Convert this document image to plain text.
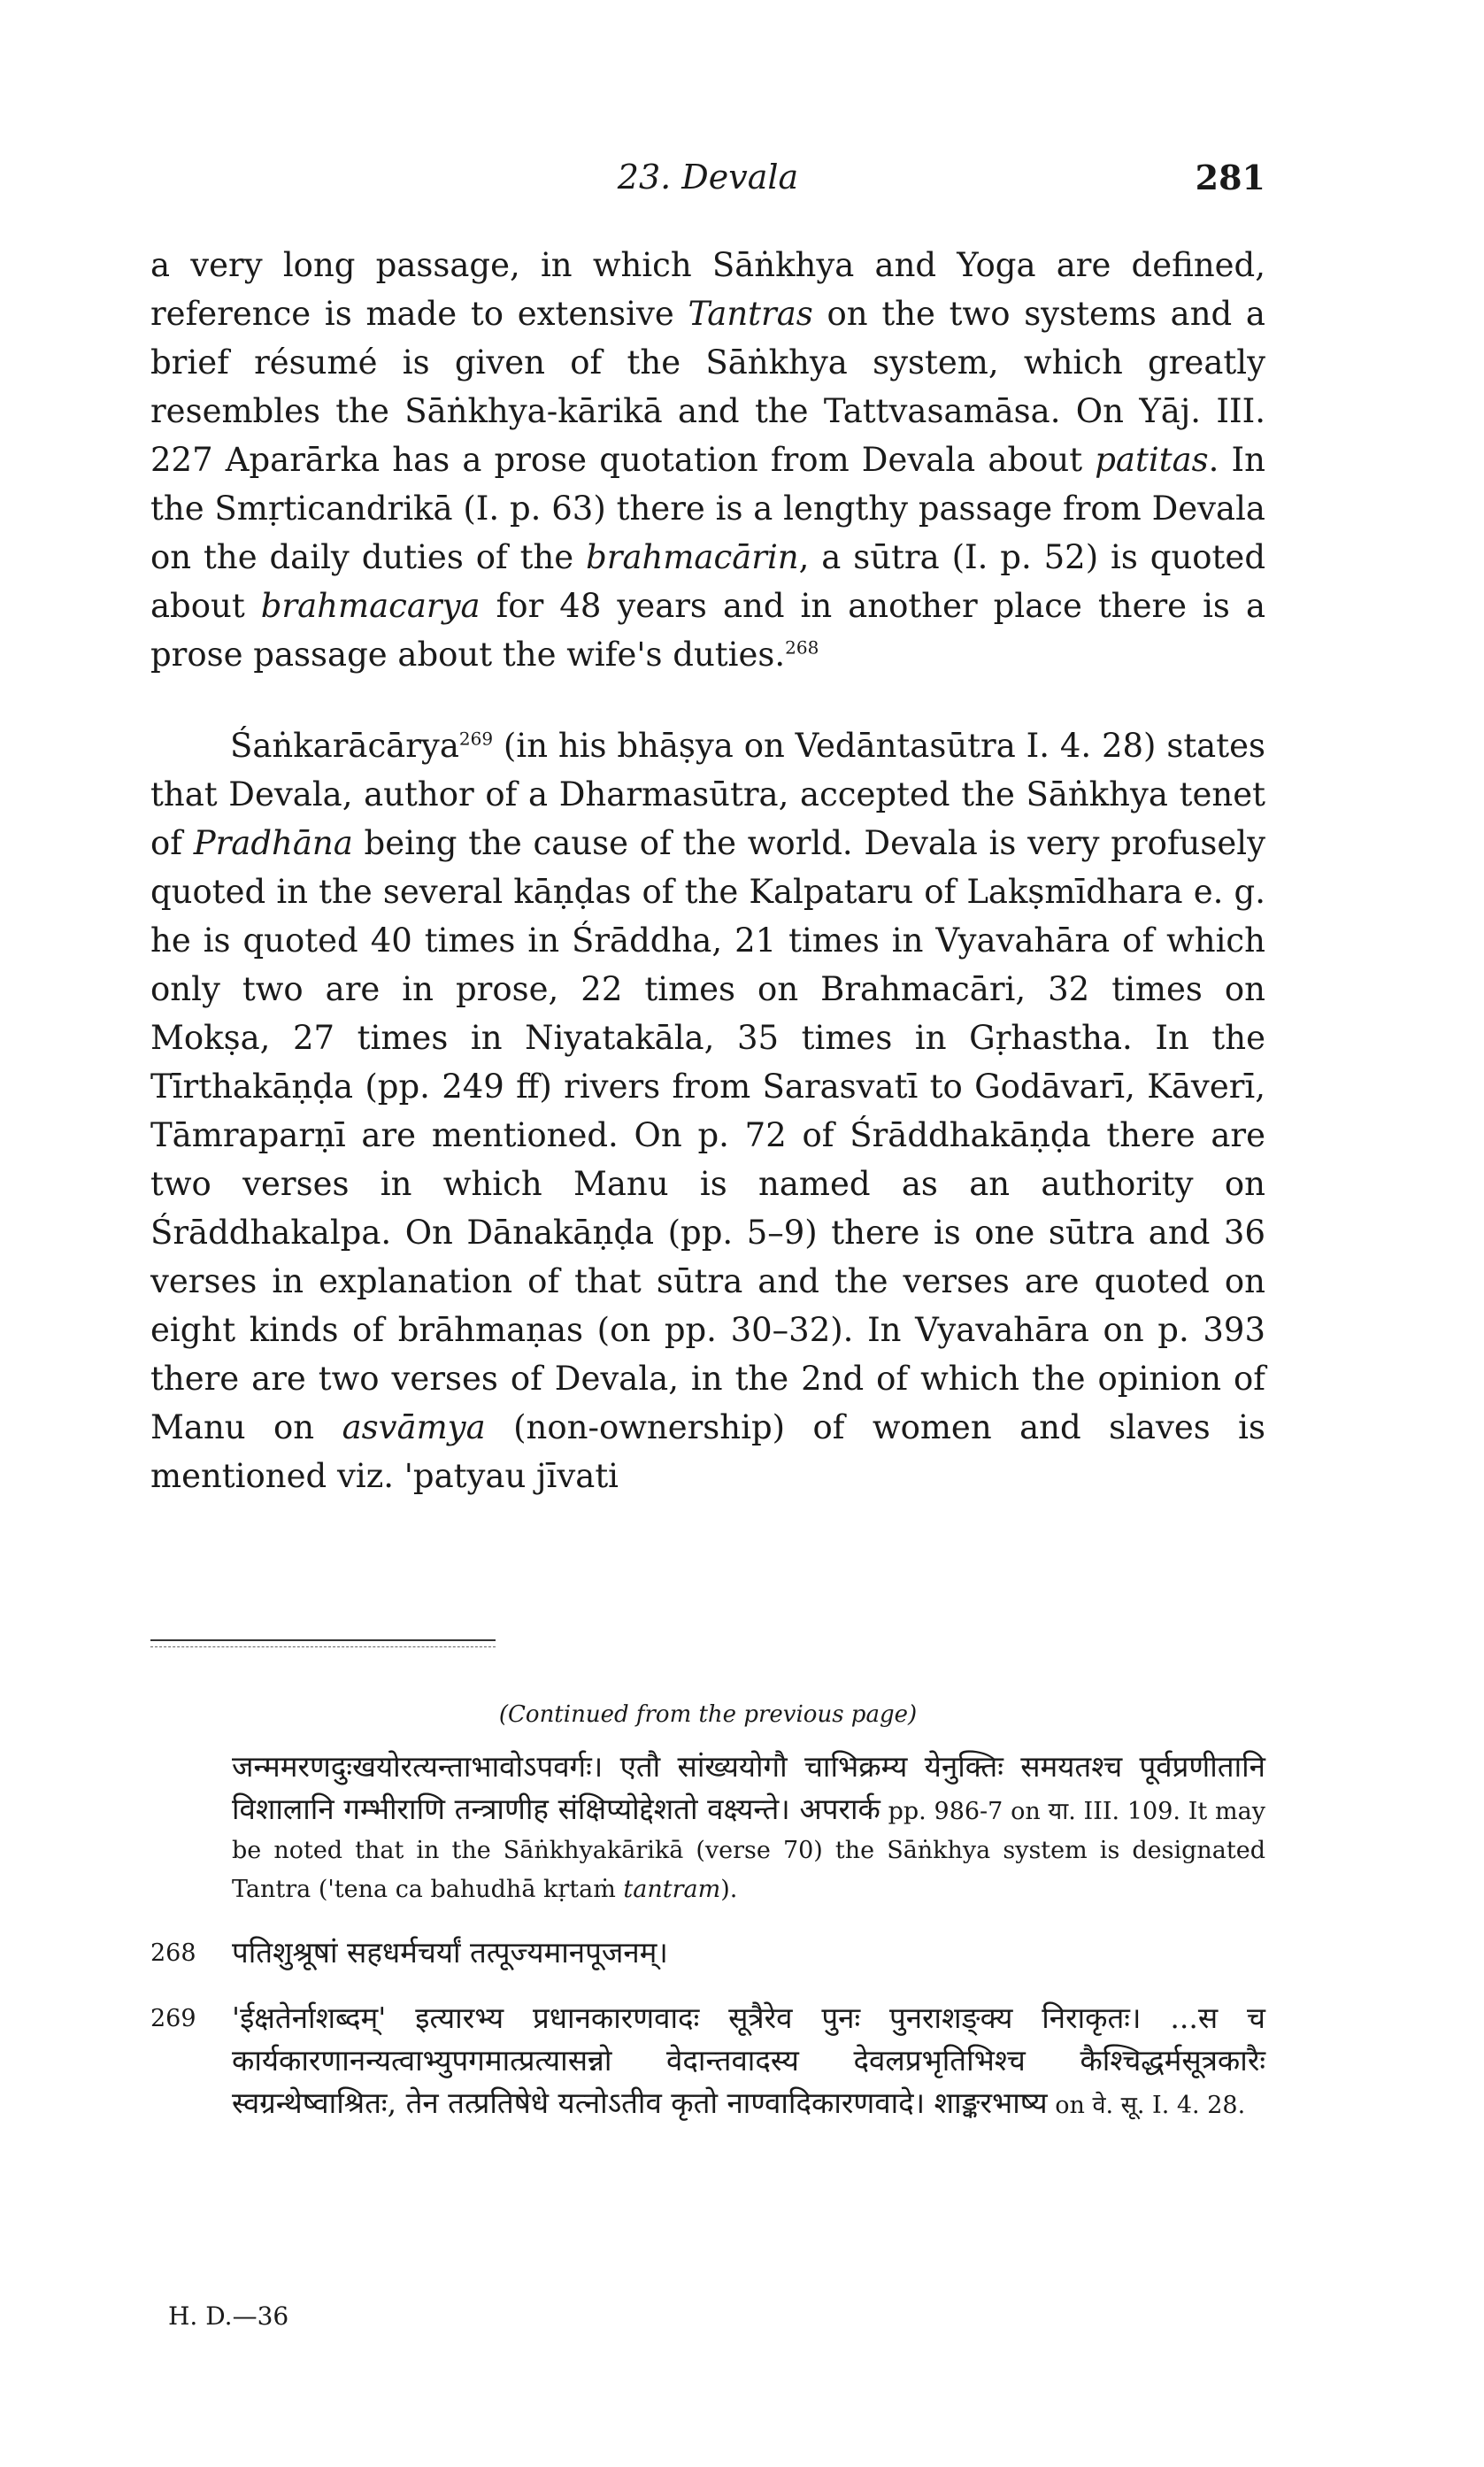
23. Devala	281

a very long passage, in which Sāṅkhya and Yoga are defined, reference is made to extensive Tantras on the two systems and a brief résumé is given of the Sāṅkhya system, which greatly resembles the Sāṅkhya-kārikā and the Tattvasamāsa. On Yāj. III. 227 Aparārka has a prose quotation from Devala about patitas. In the Smṛticandrikā (I. p. 63) there is a lengthy passage from Devala on the daily duties of the brahmacārin, a sūtra (I. p. 52) is quoted about brahmacarya for 48 years and in another place there is a prose passage about the wife's duties.$^{268}$

Śaṅkarācārya$^{269}$ (in his bhāṣya on Vedāntasūtra I. 4. 28) states that Devala, author of a Dharmasūtra, accepted the Sāṅkhya tenet of Pradhāna being the cause of the world. Devala is very profusely quoted in the several kāṇḍas of the Kalpataru of Lakṣmīdhara e. g. he is quoted 40 times in Śrāddha, 21 times in Vyavahāra of which only two are in prose, 22 times on Brahmacāri, 32 times on Mokṣa, 27 times in Niyatakāla, 35 times in Gṛhastha. In the Tīrthakāṇḍa (pp. 249 ff) rivers from Sarasvatī to Godāvarī, Kāverī, Tāmraparṇī are mentioned. On p. 72 of Śrāddhakāṇḍa there are two verses in which Manu is named as an authority on Śrāddhakalpa. On Dānakāṇḍa (pp. 5–9) there is one sūtra and 36 verses in explanation of that sūtra and the verses are quoted on eight kinds of brāhmaṇas (on pp. 30–32). In Vyavahāra on p. 393 there are two verses of Devala, in the 2nd of which the opinion of Manu on asvāmya (non-ownership) of women and slaves is mentioned viz. 'patyau jīvati

(Continued from the previous page)
जन्ममरणदुःखयोरत्यन्ताभावोऽपवर्गः। एतौ सांख्ययोगौ चाभिक्रम्य येनुक्तिः समयतश्च पूर्वप्रणीतानि विशालानि गम्भीराणि तन्त्राणीह संक्षिप्योद्देशतो वक्ष्यन्ते। अपरार्क pp. 986-7 on या. III. 109. It may be noted that in the Sāṅkhyakārikā (verse 70) the Sāṅkhya system is designated Tantra ('tena ca bahudhā kṛtaṁ tantram).
268 पतिशुश्रूषां सहधर्मचर्यां तत्पूज्यमानपूजनम्।
269 'ईक्षतेर्नाशब्दम्' इत्यारभ्य प्रधानकारणवादः सूत्रैरेव पुनः पुनराशङ्क्य निराकृतः। ...स च कार्यकारणानन्यत्वाभ्युपगमात्प्रत्यासन्नो वेदान्तवादस्य देवलप्रभृतिभिश्च कैश्चिद्धर्मसूत्रकारैः स्वग्रन्थेष्वाश्रितः, तेन तत्प्रतिषेधे यत्नोऽतीव कृतो नाण्वादिकारणवादे। शाङ्करभाष्य on वे. सू. I. 4. 28.
H. D.—36
